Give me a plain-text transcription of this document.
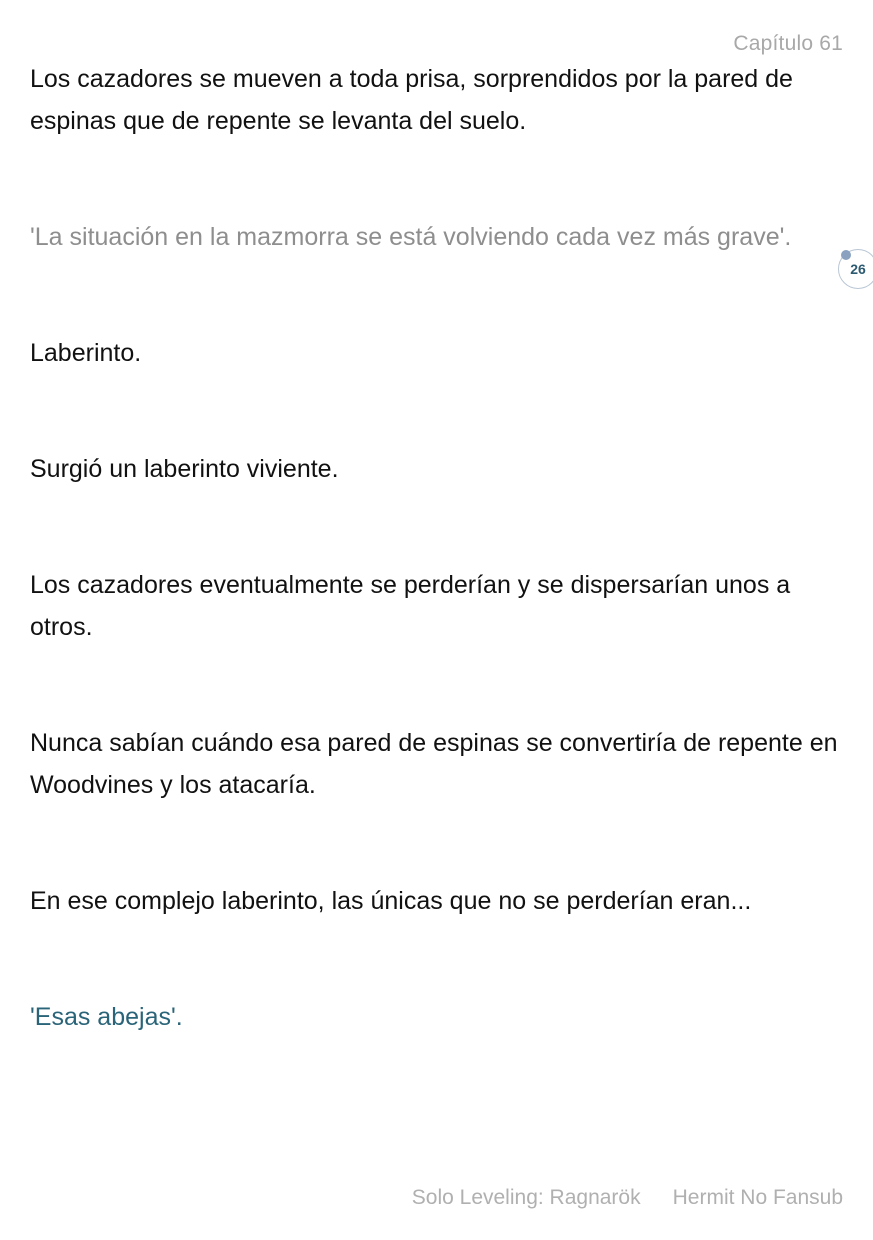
Capítulo 61

Los cazadores se mueven a toda prisa, sorprendidos por la pared de espinas que de repente se levanta del suelo.

'La situación en la mazmorra se está volviendo cada vez más grave'.

Laberinto.

Surgió un laberinto viviente.

Los cazadores eventualmente se perderían y se dispersarían unos a otros.

Nunca sabían cuándo esa pared de espinas se convertiría de repente en Woodvines y los atacaría.

En ese complejo laberinto, las únicas que no se perderían eran...

'Esas abejas'.

26
Solo Leveling: Ragnarök Hermit No Fansub
